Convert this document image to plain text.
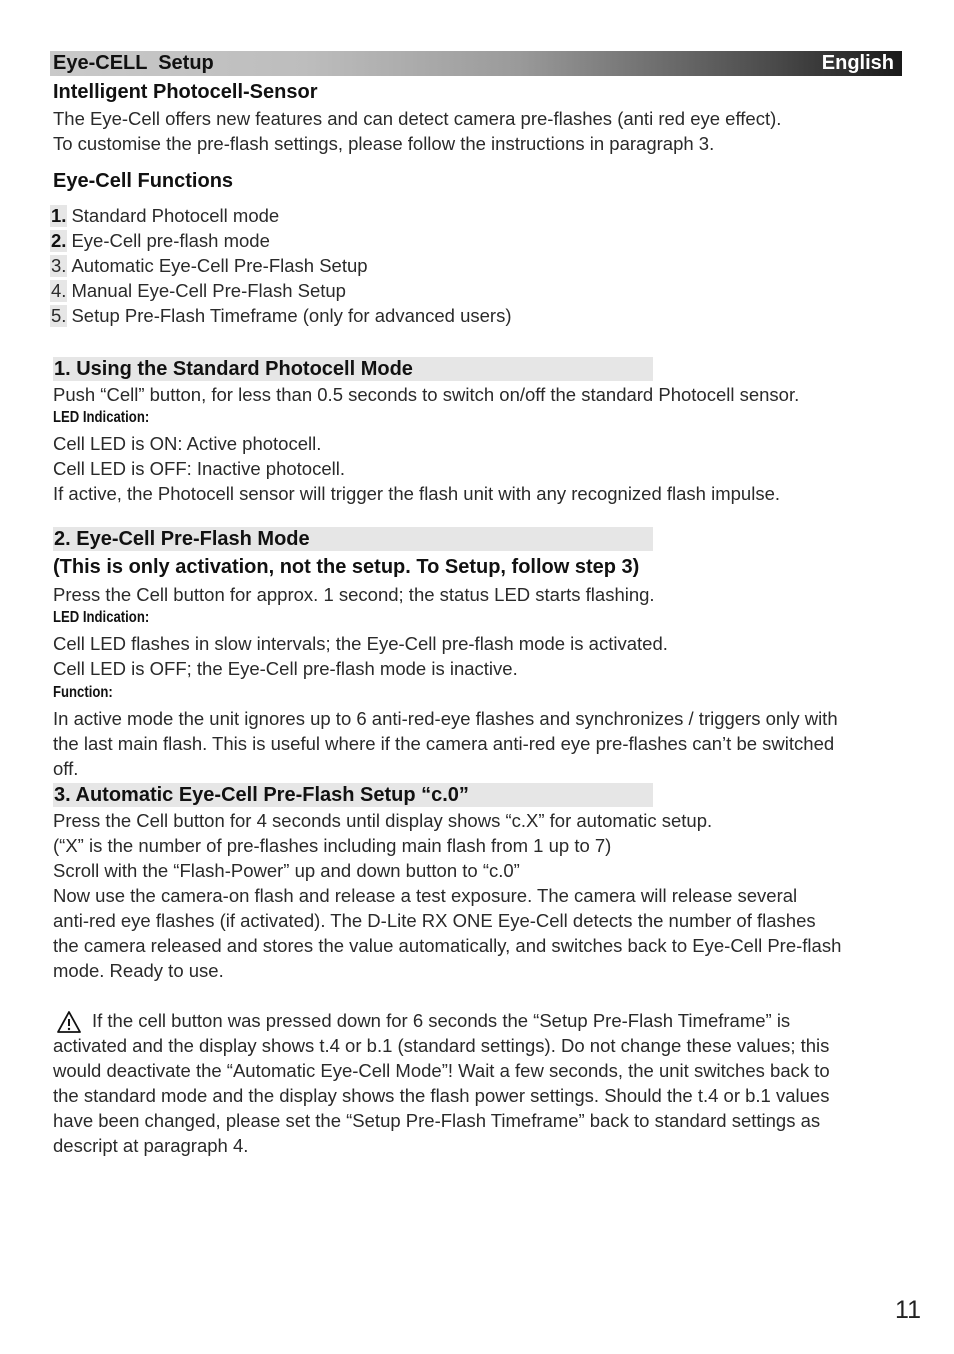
Eye-CELL  Setup	English
Intelligent Photocell-Sensor
The Eye-Cell offers new features and can detect camera pre-flashes (anti red eye effect).
To customise the pre-flash settings, please follow the instructions in paragraph 3.
Eye-Cell Functions
1. Standard Photocell mode
2. Eye-Cell pre-flash mode
3. Automatic Eye-Cell Pre-Flash Setup
4. Manual Eye-Cell Pre-Flash Setup
5. Setup Pre-Flash Timeframe (only for advanced users)
1. Using the Standard Photocell Mode
Push “Cell” button, for less than 0.5 seconds to switch on/off the standard Photocell sensor.
LED Indication:
Cell LED is ON: Active photocell.
Cell LED is OFF: Inactive photocell.
If active, the Photocell sensor will trigger the flash unit with any recognized flash impulse.
2. Eye-Cell Pre-Flash Mode
(This is only activation, not the setup. To Setup, follow step 3)
Press the Cell button for approx. 1 second; the status LED starts flashing.
LED Indication:
Cell LED flashes in slow intervals; the Eye-Cell pre-flash mode is activated.
Cell LED is OFF; the Eye-Cell pre-flash mode is inactive.
Function:
In active mode the unit ignores up to 6 anti-red-eye flashes and synchronizes / triggers only with
the last main flash. This is useful where if the camera anti-red eye pre-flashes can’t be switched
off.
3. Automatic Eye-Cell Pre-Flash Setup “c.0”
Press the Cell button for 4 seconds until display shows “c.X” for automatic setup.
(“X” is the number of pre-flashes including main flash from 1 up to 7)
Scroll with the “Flash-Power” up and down button to “c.0”
Now use the camera-on flash and release a test exposure. The camera will release several
anti-red eye flashes (if activated). The D-Lite RX ONE Eye-Cell detects the number of flashes
the camera released and stores the value automatically, and switches back to Eye-Cell Pre-flash
mode. Ready to use.
If the cell button was pressed down for 6 seconds the “Setup Pre-Flash Timeframe” is
activated and the display shows t.4 or b.1 (standard settings). Do not change these values; this
would deactivate the “Automatic Eye-Cell Mode”! Wait a few seconds, the unit switches back to
the standard mode and the display shows the flash power settings. Should the t.4 or b.1 values
have been changed, please set the “Setup Pre-Flash Timeframe” back to standard settings as
descript at paragraph 4.
11
